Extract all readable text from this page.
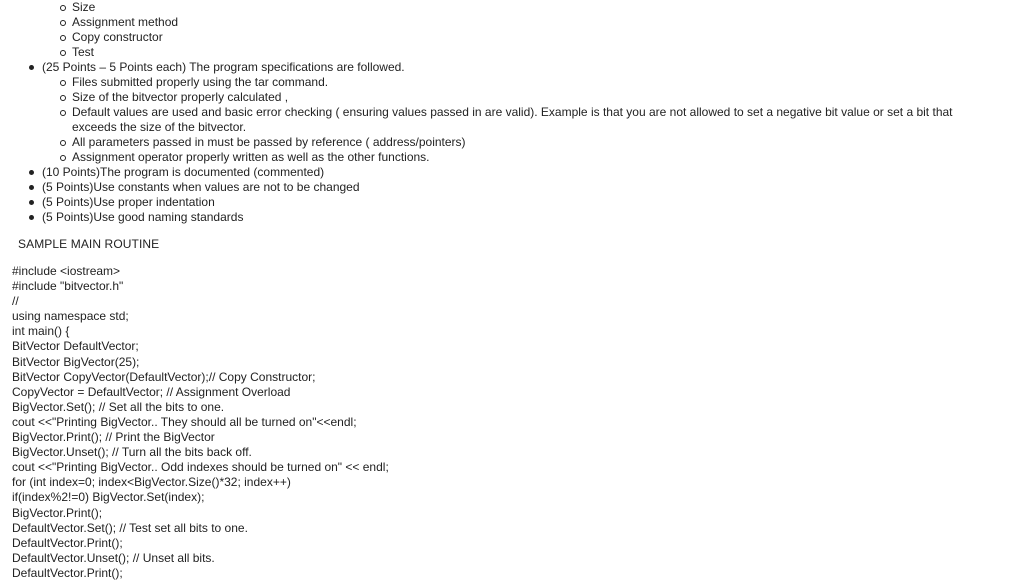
Size
Assignment method
Copy constructor
Test
(25 Points – 5 Points each) The program specifications are followed.
Files submitted properly using the tar command.
Size of the bitvector properly calculated ,
Default values are used and basic error checking ( ensuring values passed in are valid). Example is that you are not allowed to set a negative bit value or set a bit that exceeds the size of the bitvector.
All parameters passed in must be passed by reference ( address/pointers)
Assignment operator properly written as well as the other functions.
(10 Points)The program is documented (commented)
(5 Points)Use constants when values are not to be changed
(5 Points)Use proper indentation
(5 Points)Use good naming standards
SAMPLE MAIN ROUTINE
#include <iostream>
#include "bitvector.h"
//
using namespace std;
int main() {
BitVector DefaultVector;
BitVector BigVector(25);
BitVector CopyVector(DefaultVector);// Copy Constructor;
CopyVector = DefaultVector; // Assignment Overload
BigVector.Set(); // Set all the bits to one.
cout <<"Printing BigVector.. They should all be turned on"<<endl;
BigVector.Print(); // Print the BigVector
BigVector.Unset(); // Turn all the bits back off.
cout <<"Printing BigVector.. Odd indexes should be turned on" << endl;
for (int index=0; index<BigVector.Size()*32; index++)
if(index%2!=0) BigVector.Set(index);
BigVector.Print();
DefaultVector.Set(); // Test set all bits to one.
DefaultVector.Print();
DefaultVector.Unset(); // Unset all bits.
DefaultVector.Print();
